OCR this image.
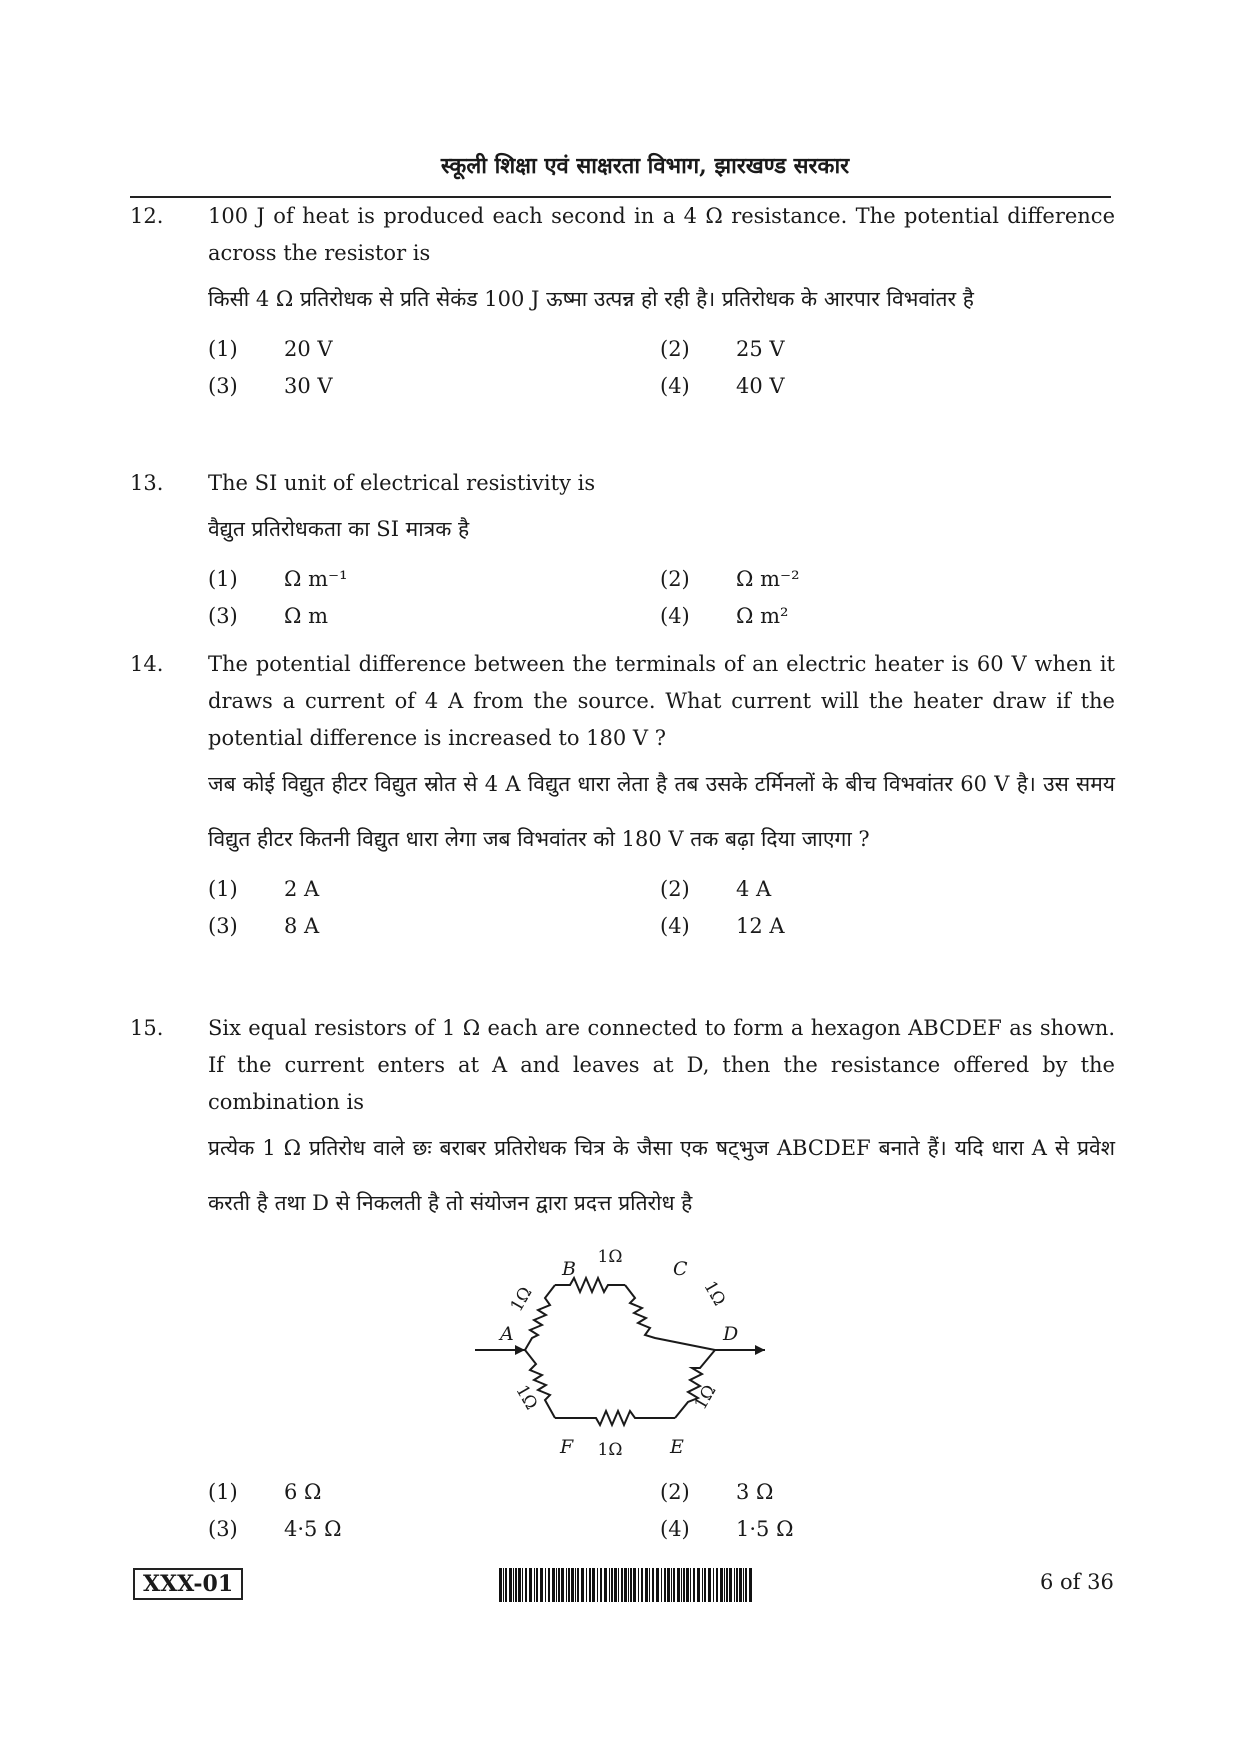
स्कूली शिक्षा एवं साक्षरता विभाग, झारखण्ड सरकार
12. 100 J of heat is produced each second in a 4 Ω resistance. The potential difference across the resistor is
किसी 4 Ω प्रतिरोधक से प्रति सेकंड 100 J ऊष्मा उत्पन्न हो रही है। प्रतिरोधक के आरपार विभवांतर है
(1)	20 V	(2)	25 V
(3)	30 V	(4)	40 V
13. The SI unit of electrical resistivity is
वैद्युत प्रतिरोधकता का SI मात्रक है
(1)	Ω m⁻¹	(2)	Ω m⁻²
(3)	Ω m	(4)	Ω m²
14. The potential difference between the terminals of an electric heater is 60 V when it draws a current of 4 A from the source. What current will the heater draw if the potential difference is increased to 180 V ?
जब कोई विद्युत हीटर विद्युत स्रोत से 4 A विद्युत धारा लेता है तब उसके टर्मिनलों के बीच विभवांतर 60 V है। उस समय विद्युत हीटर कितनी विद्युत धारा लेगा जब विभवांतर को 180 V तक बढ़ा दिया जाएगा ?
(1)	2 A	(2)	4 A
(3)	8 A	(4)	12 A
15. Six equal resistors of 1 Ω each are connected to form a hexagon ABCDEF as shown. If the current enters at A and leaves at D, then the resistance offered by the combination is
प्रत्येक 1 Ω प्रतिरोध वाले छः बराबर प्रतिरोधक चित्र के जैसा एक षट्भुज ABCDEF बनाते हैं। यदि धारा A से प्रवेश करती है तथा D से निकलती है तो संयोजन द्वारा प्रदत्त प्रतिरोध है
B	C
A	D
F	E
1Ω
1Ω
1Ω	1Ω
1Ω	1Ω
(1)	6 Ω	(2)	3 Ω
(3)	4·5 Ω	(4)	1·5 Ω
XXX-01	6 of 36
